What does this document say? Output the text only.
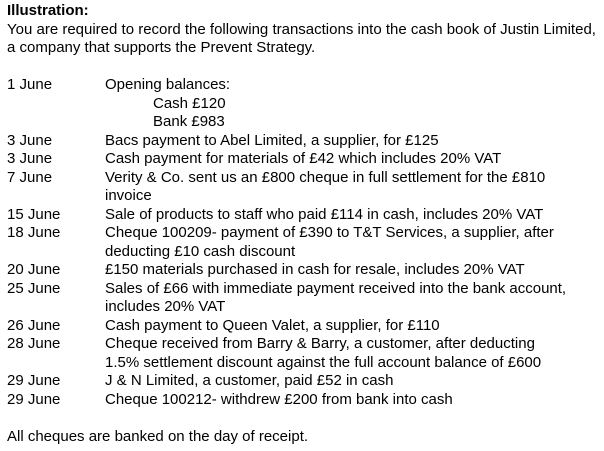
Illustration:
You are required to record the following transactions into the cash book of Justin Limited, a company that supports the Prevent Strategy.
1 June	Opening balances:
Cash £120
Bank £983
3 June	Bacs payment to Abel Limited, a supplier, for £125
3 June	Cash payment for materials of £42 which includes 20% VAT
7 June	Verity & Co. sent us an £800 cheque in full settlement for the £810
invoice
15 June	Sale of products to staff who paid £114 in cash, includes 20% VAT
18 June	Cheque 100209- payment of £390 to T&T Services, a supplier, after
deducting £10 cash discount
20 June	£150 materials purchased in cash for resale, includes 20% VAT
25 June	Sales of £66 with immediate payment received into the bank account,
includes 20% VAT
26 June	Cash payment to Queen Valet, a supplier, for £110
28 June	Cheque received from Barry & Barry, a customer, after deducting
1.5% settlement discount against the full account balance of £600
29 June	J & N Limited, a customer, paid £52 in cash
29 June	Cheque 100212- withdrew £200 from bank into cash
All cheques are banked on the day of receipt.
